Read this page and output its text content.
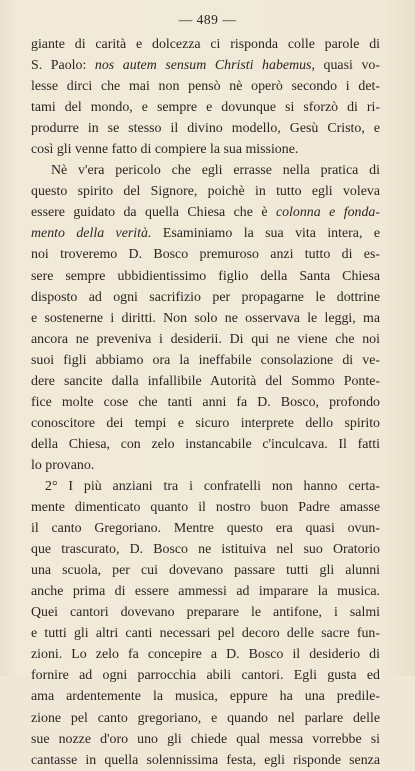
— 489 —
giante di carità e dolcezza ci risponda colle parole di
S. Paolo: nos autem sensum Christi habemus, quasi vo-
lesse dirci che mai non pensò nè operò secondo i det-
tami del mondo, e sempre e dovunque si sforzò di ri-
produrre in se stesso il divino modello, Gesù Cristo, e
così gli venne fatto di compiere la sua missione.
Nè v'era pericolo che egli errasse nella pratica di
questo spirito del Signore, poichè in tutto egli voleva
essere guidato da quella Chiesa che è colonna e fonda-
mento della verità. Esaminiamo la sua vita intera, e
noi troveremo D. Bosco premuroso anzi tutto di es-
sere sempre ubbidientissimo figlio della Santa Chiesa
disposto ad ogni sacrifizio per propagarne le dottrine
e sostenerne i diritti. Non solo ne osservava le leggi, ma
ancora ne preveniva i desiderii. Di qui ne viene che noi
suoi figli abbiamo ora la ineffabile consolazione di ve-
dere sancite dalla infallibile Autorità del Sommo Ponte-
fice molte cose che tanti anni fa D. Bosco, profondo
conoscitore dei tempi e sicuro interprete dello spirito
della Chiesa, con zelo instancabile c'inculcava. Il fatti
lo provano.
2° I più anziani tra i confratelli non hanno certa-
mente dimenticato quanto il nostro buon Padre amasse
il canto Gregoriano. Mentre questo era quasi ovun-
que trascurato, D. Bosco ne istituiva nel suo Oratorio
una scuola, per cui dovevano passare tutti gli alunni
anche prima di essere ammessi ad imparare la musica.
Quei cantori dovevano preparare le antifone, i salmi
e tutti gli altri canti necessari pel decoro delle sacre fun-
zioni. Lo zelo fa concepire a D. Bosco il desiderio di
fornire ad ogni parrocchia abili cantori. Egli gusta ed
ama ardentemente la musica, eppure ha una predile-
zione pel canto gregoriano, e quando nel parlare delle
sue nozze d'oro uno gli chiede qual messa vorrebbe si
cantasse in quella solennissima festa, egli risponde senza
